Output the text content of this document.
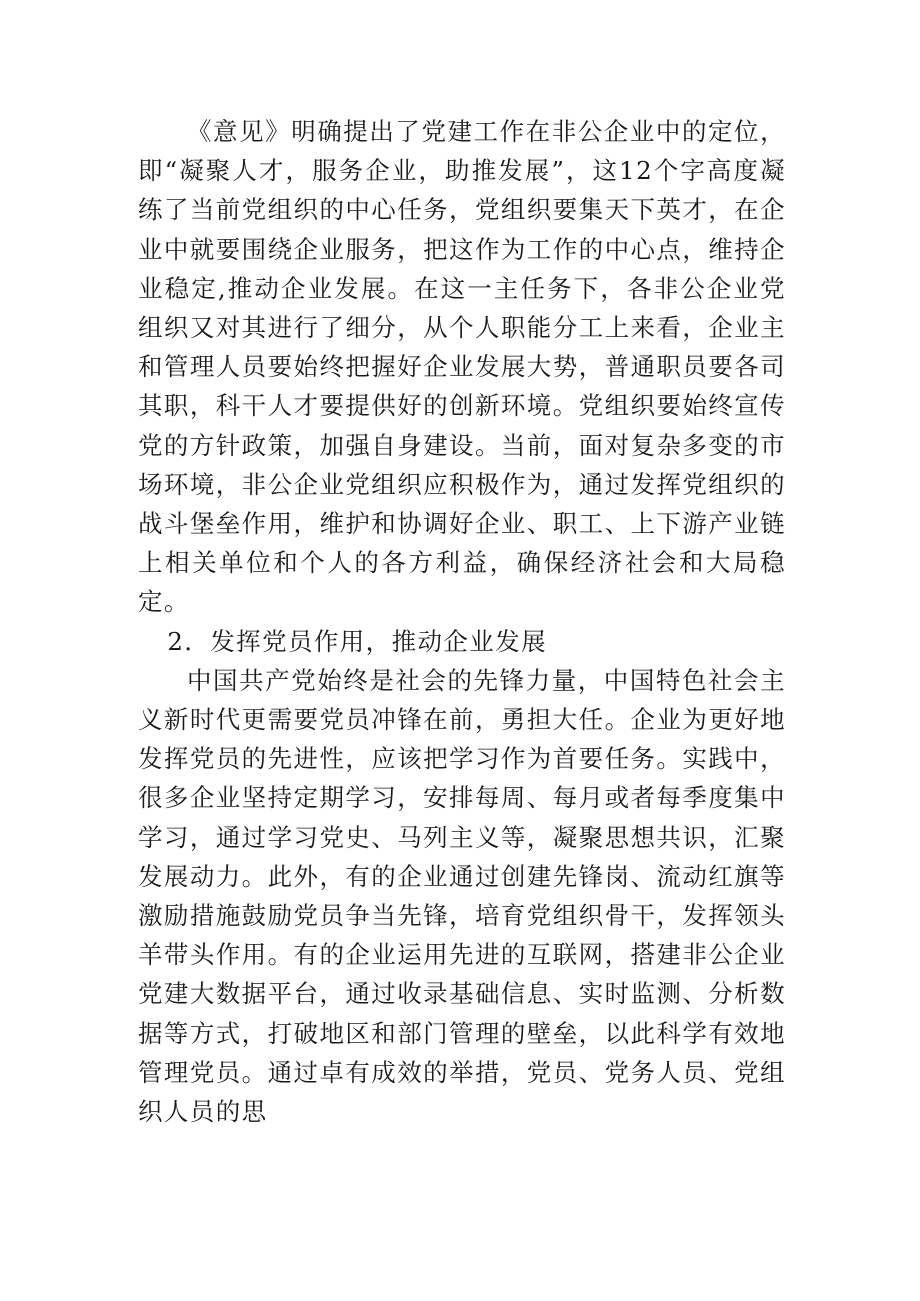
《意见》明确提出了党建工作在非公企业中的定位，即“凝聚人才，服务企业，助推发展”，这12个字高度凝练了当前党组织的中心任务，党组织要集天下英才，在企业中就要围绕企业服务，把这作为工作的中心点，维持企业稳定,推动企业发展。在这一主任务下，各非公企业党组织又对其进行了细分，从个人职能分工上来看，企业主和管理人员要始终把握好企业发展大势，普通职员要各司其职，科干人才要提供好的创新环境。党组织要始终宣传党的方针政策，加强自身建设。当前，面对复杂多变的市场环境，非公企业党组织应积极作为，通过发挥党组织的战斗堡垒作用，维护和协调好企业、职工、上下游产业链上相关单位和个人的各方利益，确保经济社会和大局稳定。

2．发挥党员作用，推动企业发展

中国共产党始终是社会的先锋力量，中国特色社会主义新时代更需要党员冲锋在前，勇担大任。企业为更好地发挥党员的先进性，应该把学习作为首要任务。实践中，很多企业坚持定期学习，安排每周、每月或者每季度集中学习，通过学习党史、马列主义等，凝聚思想共识，汇聚发展动力。此外，有的企业通过创建先锋岗、流动红旗等激励措施鼓励党员争当先锋，培育党组织骨干，发挥领头羊带头作用。有的企业运用先进的互联网，搭建非公企业党建大数据平台，通过收录基础信息、实时监测、分析数据等方式，打破地区和部门管理的壁垒，以此科学有效地管理党员。通过卓有成效的举措，党员、党务人员、党组织人员的思
